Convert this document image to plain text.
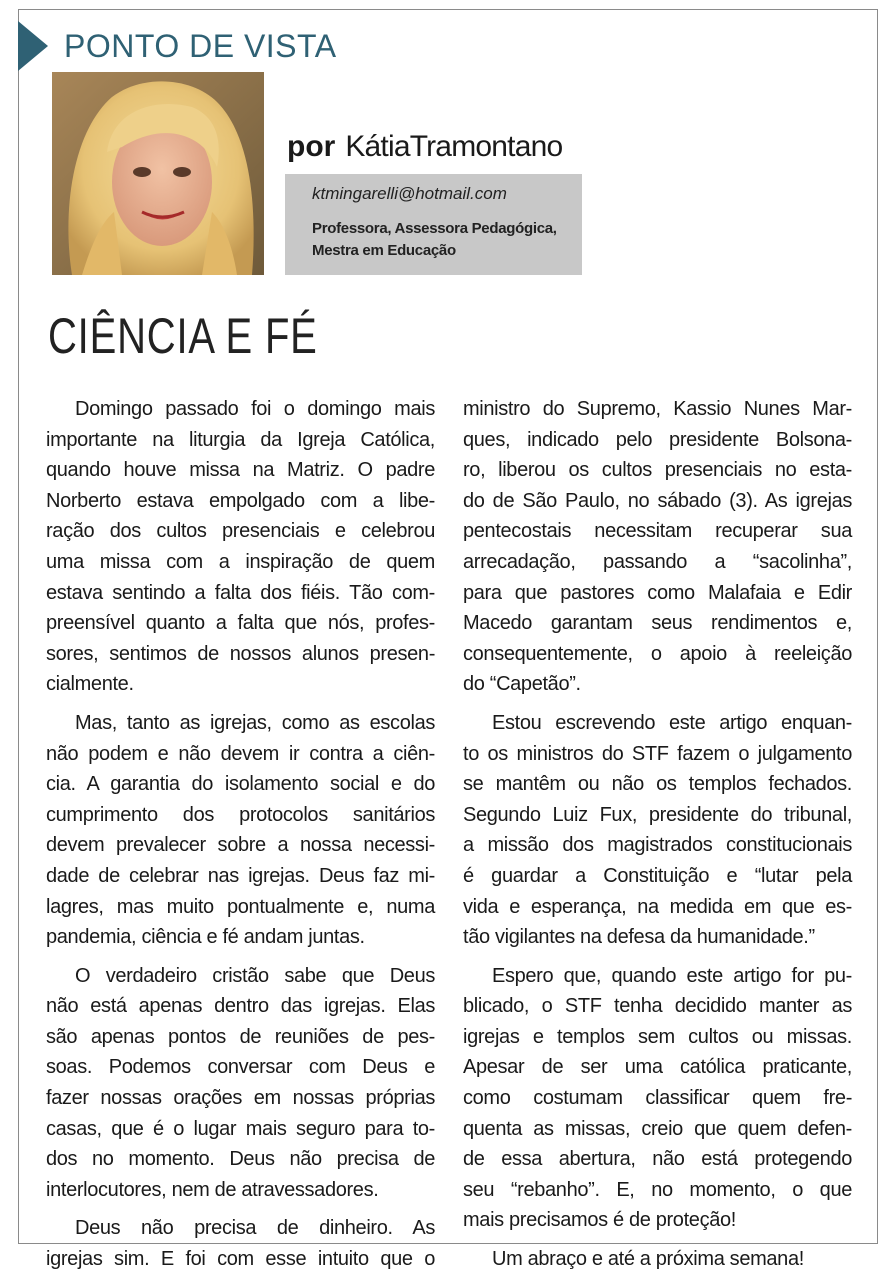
PONTO DE VISTA
por KátiaTramontano
ktmingarelli@hotmail.com
Professora, Assessora Pedagógica, Mestra em Educação
CIÊNCIA E FÉ
Domingo passado foi o domingo mais
importante na liturgia da Igreja Católica,
quando houve missa na Matriz. O padre
Norberto estava empolgado com a libe-
ração dos cultos presenciais e celebrou
uma missa com a inspiração de quem
estava sentindo a falta dos fiéis. Tão com-
preensível quanto a falta que nós, profes-
sores, sentimos de nossos alunos presen-
cialmente.
Mas, tanto as igrejas, como as escolas
não podem e não devem ir contra a ciên-
cia. A garantia do isolamento social e do
cumprimento dos protocolos sanitários
devem prevalecer sobre a nossa necessi-
dade de celebrar nas igrejas. Deus faz mi-
lagres, mas muito pontualmente e, numa
pandemia, ciência e fé andam juntas.
O verdadeiro cristão sabe que Deus
não está apenas dentro das igrejas. Elas
são apenas pontos de reuniões de pes-
soas. Podemos conversar com Deus e
fazer nossas orações em nossas próprias
casas, que é o lugar mais seguro para to-
dos no momento. Deus não precisa de
interlocutores, nem de atravessadores.
Deus não precisa de dinheiro. As
igrejas sim. E foi com esse intuito que o
ministro do Supremo, Kassio Nunes Mar-
ques, indicado pelo presidente Bolsona-
ro, liberou os cultos presenciais no esta-
do de São Paulo, no sábado (3). As igrejas
pentecostais necessitam recuperar sua
arrecadação, passando a “sacolinha”,
para que pastores como Malafaia e Edir
Macedo garantam seus rendimentos e,
consequentemente, o apoio à reeleição
do “Capetão”.
Estou escrevendo este artigo enquan-
to os ministros do STF fazem o julgamento
se mantêm ou não os templos fechados.
Segundo Luiz Fux, presidente do tribunal,
a missão dos magistrados constitucionais
é guardar a Constituição e “lutar pela
vida e esperança, na medida em que es-
tão vigilantes na defesa da humanidade.”
Espero que, quando este artigo for pu-
blicado, o STF tenha decidido manter as
igrejas e templos sem cultos ou missas.
Apesar de ser uma católica praticante,
como costumam classificar quem fre-
quenta as missas, creio que quem defen-
de essa abertura, não está protegendo
seu “rebanho”. E, no momento, o que
mais precisamos é de proteção!
Um abraço e até a próxima semana!
